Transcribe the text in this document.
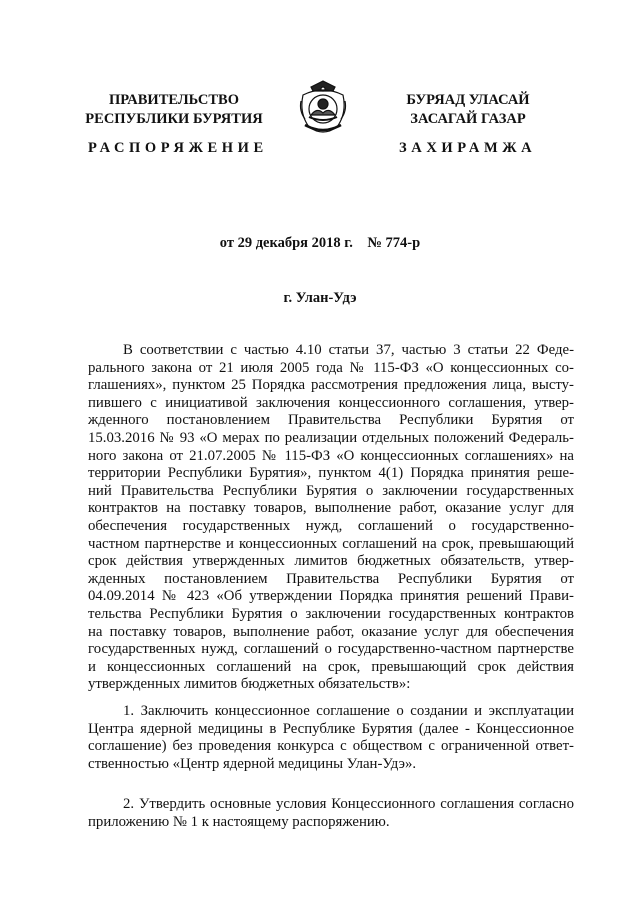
ПРАВИТЕЛЬСТВО
РЕСПУБЛИКИ БУРЯТИЯ
БУРЯАД УЛАСАЙ
ЗАСАГАЙ ГАЗАР
РАСПОРЯЖЕНИЕ	ЗАХИРАМЖА
от 29 декабря 2018 г.    № 774-р
г. Улан-Удэ
В соответствии с частью 4.10 статьи 37, частью 3 статьи 22 Феде-
рального закона от 21 июля 2005 года № 115-ФЗ «О концессионных со-
глашениях», пунктом 25 Порядка рассмотрения предложения лица, высту-
пившего с инициативой заключения концессионного соглашения, утвер-
жденного постановлением Правительства Республики Бурятия от
15.03.2016 № 93 «О мерах по реализации отдельных положений Федераль-
ного закона от 21.07.2005 № 115-ФЗ «О концессионных соглашениях» на
территории Республики Бурятия», пунктом 4(1) Порядка принятия реше-
ний Правительства Республики Бурятия о заключении государственных
контрактов на поставку товаров, выполнение работ, оказание услуг для
обеспечения государственных нужд, соглашений о государственно-
частном партнерстве и концессионных соглашений на срок, превышающий
срок действия утвержденных лимитов бюджетных обязательств, утвер-
жденных постановлением Правительства Республики Бурятия от
04.09.2014 № 423 «Об утверждении Порядка принятия решений Прави-
тельства Республики Бурятия о заключении государственных контрактов
на поставку товаров, выполнение работ, оказание услуг для обеспечения
государственных нужд, соглашений о государственно-частном партнерстве
и концессионных соглашений на срок, превышающий срок действия
утвержденных лимитов бюджетных обязательств»:
1. Заключить концессионное соглашение о создании и эксплуатации
Центра ядерной медицины в Республике Бурятия (далее - Концессионное
соглашение) без проведения конкурса с обществом с ограниченной ответ-
ственностью «Центр ядерной медицины Улан-Удэ».
2. Утвердить основные условия Концессионного соглашения согласно
приложению № 1 к настоящему распоряжению.
